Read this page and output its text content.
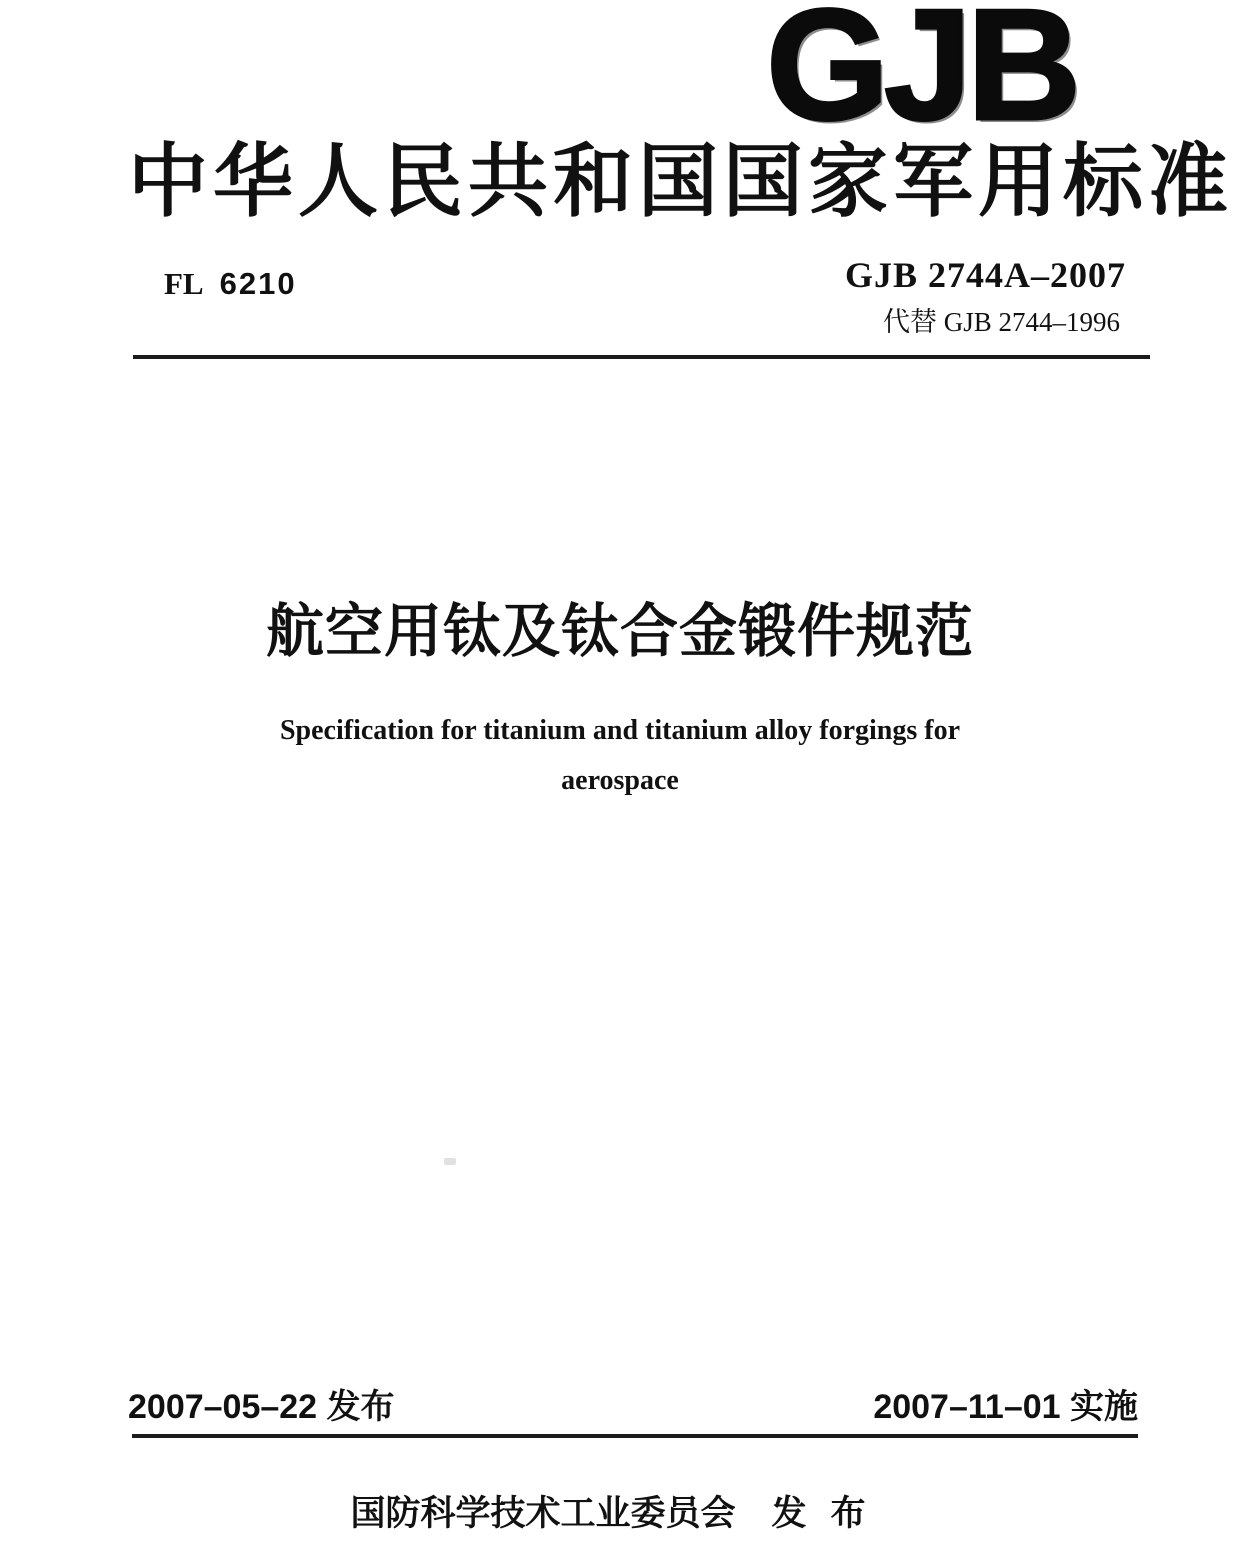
GJB
中华人民共和国国家军用标准
FL 6210	GJB 2744A–2007
代替 GJB 2744–1996
航空用钛及钛合金锻件规范
Specification for titanium and titanium alloy forgings for
aerospace
2007–05–22 发布	2007–11–01 实施
国防科学技术工业委员会 发布
